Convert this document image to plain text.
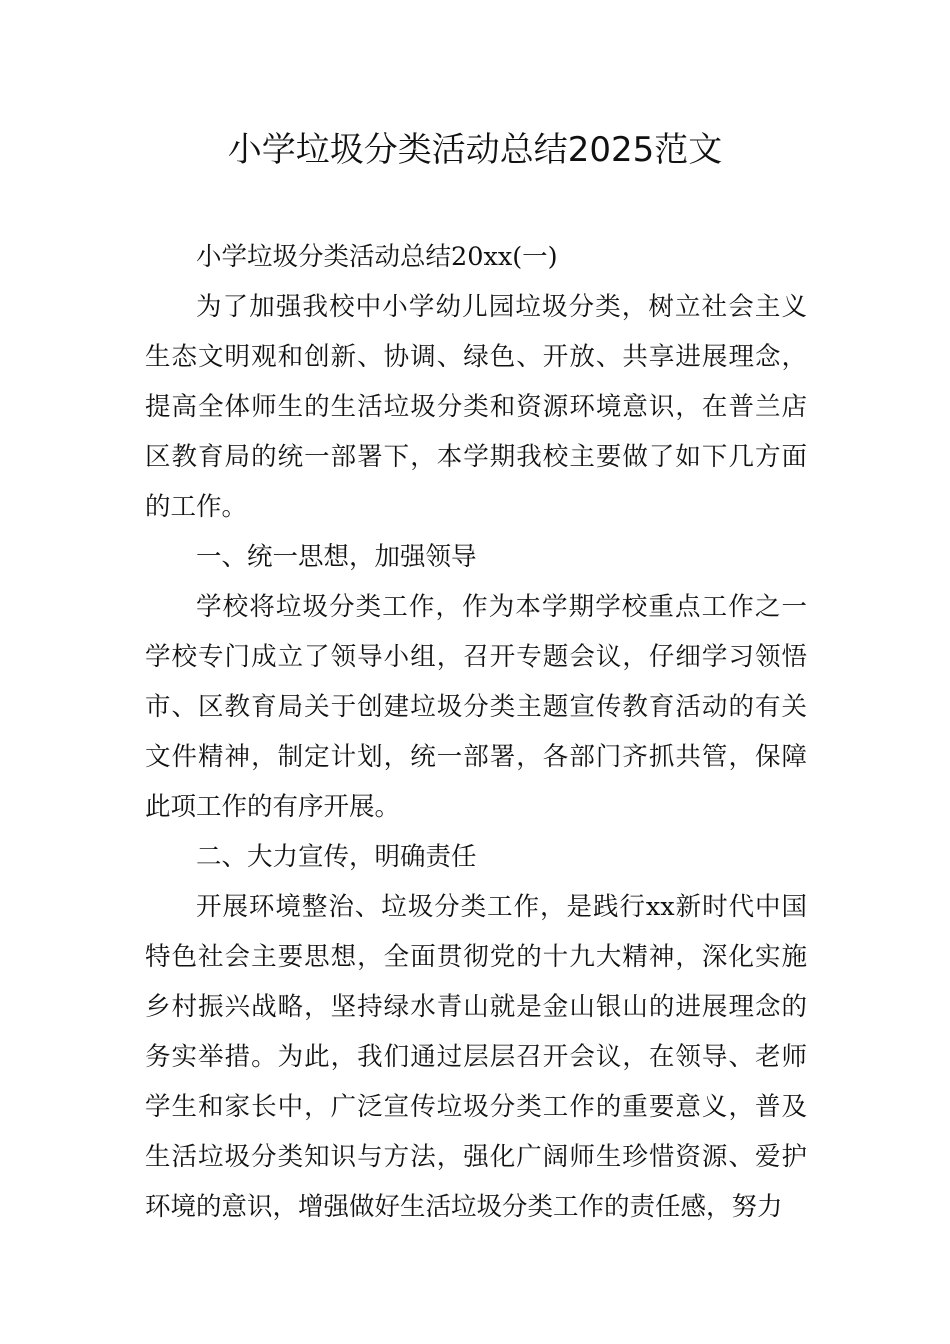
小学垃圾分类活动总结2025范文

小学垃圾分类活动总结20xx(一)

为了加强我校中小学幼儿园垃圾分类，树立社会主义生态文明观和创新、协调、绿色、开放、共享进展理念，提高全体师生的生活垃圾分类和资源环境意识，在普兰店区教育局的统一部署下，本学期我校主要做了如下几方面的工作。

一、统一思想，加强领导

学校将垃圾分类工作，作为本学期学校重点工作之一学校专门成立了领导小组，召开专题会议，仔细学习领悟市、区教育局关于创建垃圾分类主题宣传教育活动的有关文件精神，制定计划，统一部署，各部门齐抓共管，保障此项工作的有序开展。

二、大力宣传，明确责任

开展环境整治、垃圾分类工作，是践行xx新时代中国特色社会主要思想，全面贯彻党的十九大精神，深化实施乡村振兴战略，坚持绿水青山就是金山银山的进展理念的务实举措。为此，我们通过层层召开会议，在领导、老师学生和家长中，广泛宣传垃圾分类工作的重要意义，普及生活垃圾分类知识与方法，强化广阔师生珍惜资源、爱护环境的意识，增强做好生活垃圾分类工作的责任感，努力
